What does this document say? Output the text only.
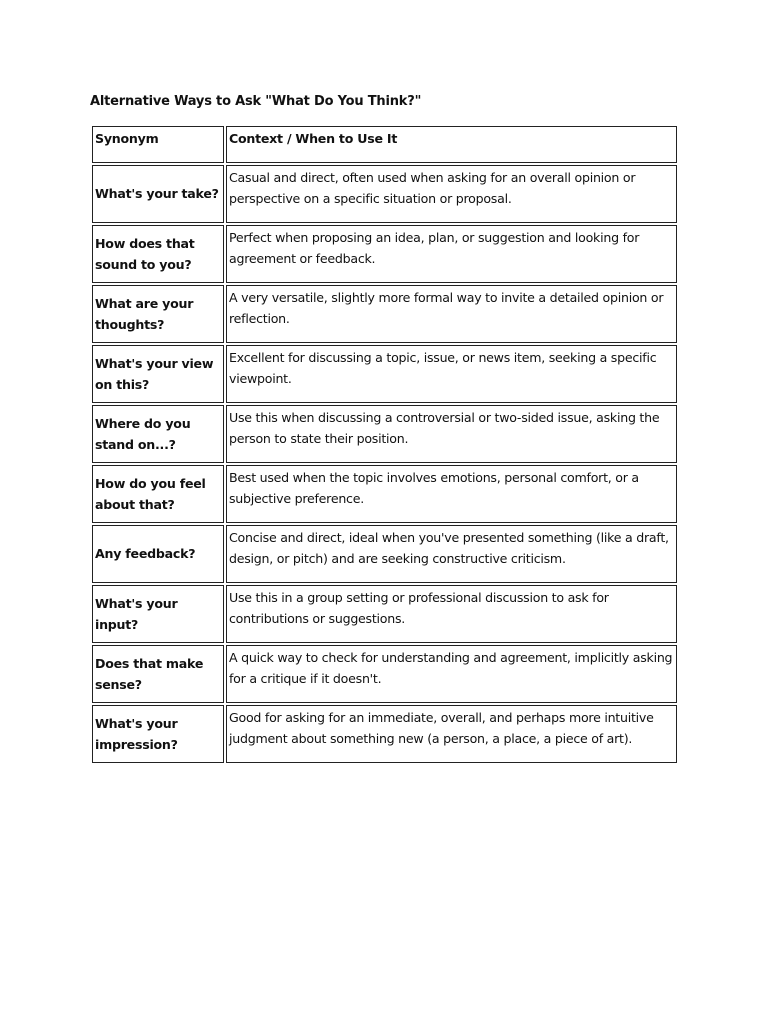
Alternative Ways to Ask "What Do You Think?"
Synonym	Context / When to Use It
What's your take?
Casual and direct, often used when asking for an overall opinion or perspective on a specific situation or proposal.
How does that sound to you?
Perfect when proposing an idea, plan, or suggestion and looking for agreement or feedback.
What are your thoughts?
A very versatile, slightly more formal way to invite a detailed opinion or reflection.
What's your view on this?
Excellent for discussing a topic, issue, or news item, seeking a specific viewpoint.
Where do you stand on...?
Use this when discussing a controversial or two-sided issue, asking the person to state their position.
How do you feel about that?
Best used when the topic involves emotions, personal comfort, or a subjective preference.
Any feedback?
Concise and direct, ideal when you've presented something (like a draft, design, or pitch) and are seeking constructive criticism.
What's your input?
Use this in a group setting or professional discussion to ask for contributions or suggestions.
Does that make sense?
A quick way to check for understanding and agreement, implicitly asking for a critique if it doesn't.
What's your impression?
Good for asking for an immediate, overall, and perhaps more intuitive judgment about something new (a person, a place, a piece of art).
